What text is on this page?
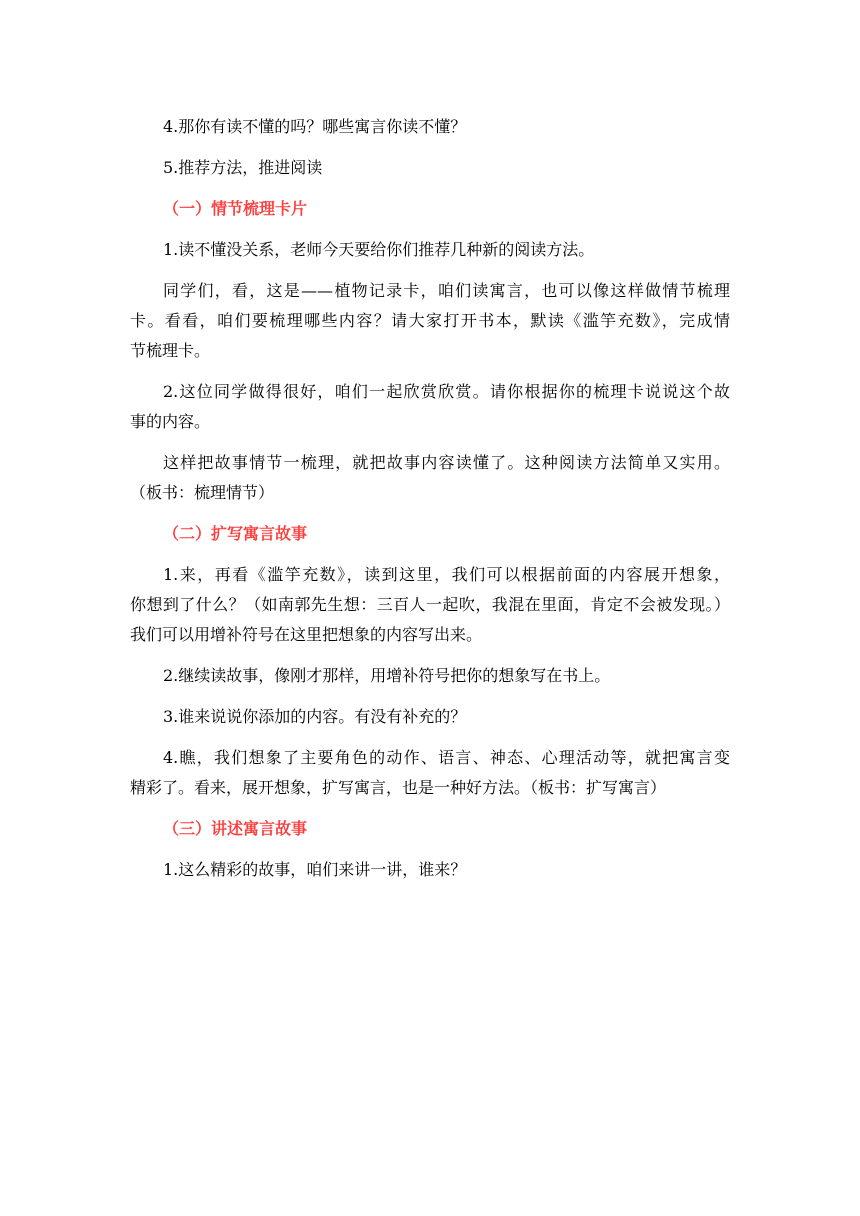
4.那你有读不懂的吗？哪些寓言你读不懂？
5.推荐方法，推进阅读
（一）情节梳理卡片
1.读不懂没关系，老师今天要给你们推荐几种新的阅读方法。
同学们，看，这是——植物记录卡，咱们读寓言，也可以像这样做情节梳理
卡。看看，咱们要梳理哪些内容？请大家打开书本，默读《滥竽充数》，完成情
节梳理卡。
2.这位同学做得很好，咱们一起欣赏欣赏。请你根据你的梳理卡说说这个故
事的内容。
这样把故事情节一梳理，就把故事内容读懂了。这种阅读方法简单又实用。
（板书：梳理情节）
（二）扩写寓言故事
1.来，再看《滥竽充数》，读到这里，我们可以根据前面的内容展开想象，
你想到了什么？（如南郭先生想：三百人一起吹，我混在里面，肯定不会被发现。）
我们可以用增补符号在这里把想象的内容写出来。
2.继续读故事，像刚才那样，用增补符号把你的想象写在书上。
3.谁来说说你添加的内容。有没有补充的？
4.瞧，我们想象了主要角色的动作、语言、神态、心理活动等，就把寓言变
精彩了。看来，展开想象，扩写寓言，也是一种好方法。（板书：扩写寓言）
（三）讲述寓言故事
1.这么精彩的故事，咱们来讲一讲，谁来？
